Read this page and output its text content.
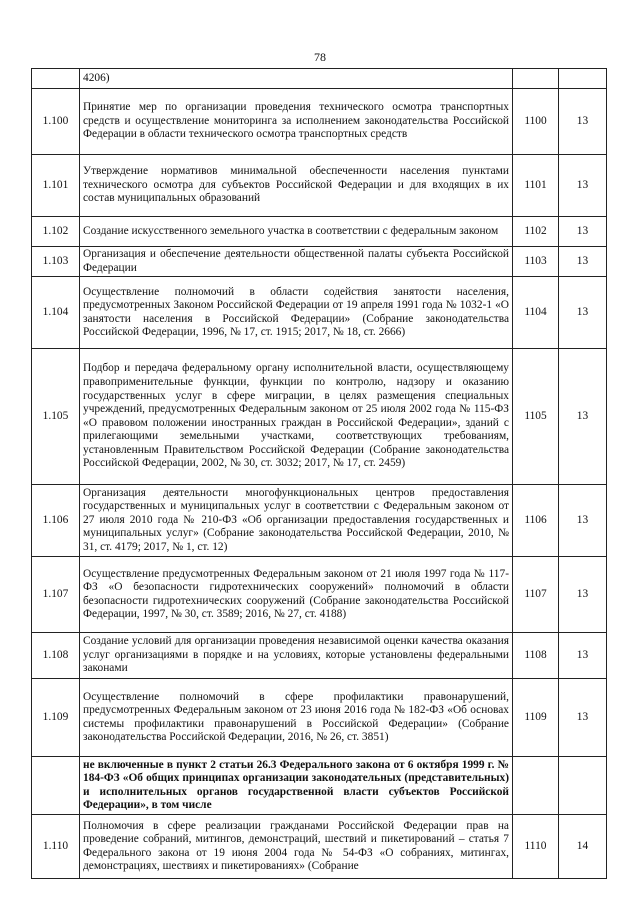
78
	4206)		
1.100	Принятие мер по организации проведения технического осмотра транспортных средств и осуществление мониторинга за исполнением законодательства Российской Федерации в области технического осмотра транспортных средств	1100	13
1.101	Утверждение нормативов минимальной обеспеченности населения пунктами технического осмотра для субъектов Российской Федерации и для входящих в их состав муниципальных образований	1101	13
1.102	Создание искусственного земельного участка в соответствии с федеральным законом	1102	13
1.103	Организация и обеспечение деятельности общественной палаты субъекта Российской Федерации	1103	13
1.104	Осуществление полномочий в области содействия занятости населения, предусмотренных Законом Российской Федерации от 19 апреля 1991 года № 1032-1 «О занятости населения в Российской Федерации» (Собрание законодательства Российской Федерации, 1996, № 17, ст. 1915; 2017, № 18, ст. 2666)	1104	13
1.105	Подбор и передача федеральному органу исполнительной власти, осуществляющему правоприменительные функции, функции по контролю, надзору и оказанию государственных услуг в сфере миграции, в целях размещения специальных учреждений, предусмотренных Федеральным законом от 25 июля 2002 года № 115-ФЗ «О правовом положении иностранных граждан в Российской Федерации», зданий с прилегающими земельными участками, соответствующих требованиям, установленным Правительством Российской Федерации (Собрание законодательства Российской Федерации, 2002, № 30, ст. 3032; 2017, № 17, ст. 2459)	1105	13
1.106	Организация деятельности многофункциональных центров предоставления государственных и муниципальных услуг в соответствии с Федеральным законом от 27 июля 2010 года № 210-ФЗ «Об организации предоставления государственных и муниципальных услуг» (Собрание законодательства Российской Федерации, 2010, № 31, ст. 4179; 2017, № 1, ст. 12)	1106	13
1.107	Осуществление предусмотренных Федеральным законом от 21 июля 1997 года № 117-ФЗ «О безопасности гидротехнических сооружений» полномочий в области безопасности гидротехнических сооружений (Собрание законодательства Российской Федерации, 1997, № 30, ст. 3589; 2016, № 27, ст. 4188)	1107	13
1.108	Создание условий для организации проведения независимой оценки качества оказания услуг организациями в порядке и на условиях, которые установлены федеральными законами	1108	13
1.109	Осуществление полномочий в сфере профилактики правонарушений, предусмотренных Федеральным законом от 23 июня 2016 года № 182-ФЗ «Об основах системы профилактики правонарушений в Российской Федерации» (Собрание законодательства Российской Федерации, 2016, № 26, ст. 3851)	1109	13
	не включенные в пункт 2 статьи 26.3 Федерального закона от 6 октября 1999 г. № 184-ФЗ «Об общих принципах организации законодательных (представительных) и исполнительных органов государственной власти субъектов Российской Федерации», в том числе		
1.110	Полномочия в сфере реализации гражданами Российской Федерации прав на проведение собраний, митингов, демонстраций, шествий и пикетирований – статья 7 Федерального закона от 19 июня 2004 года № 54-ФЗ «О собраниях, митингах, демонстрациях, шествиях и пикетированиях» (Собрание	1110	14
